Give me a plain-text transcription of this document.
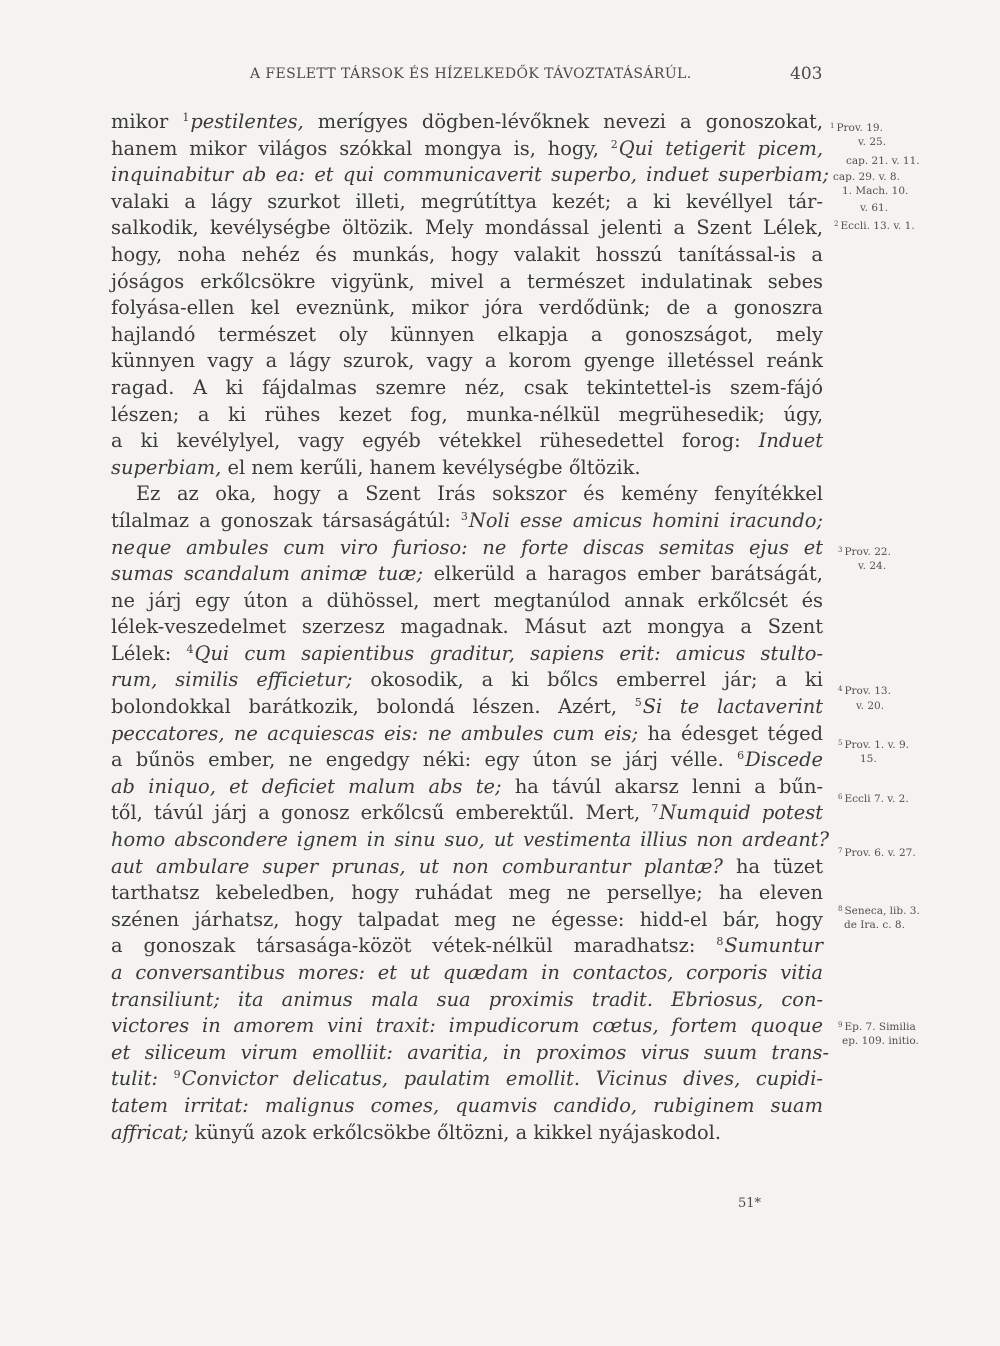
A FESLETT TÁRSOK ÉS HÍZELKEDŐK TÁVOZTATÁSÁRÚL.	403
mikor $^1$pestilentes, merígyes dögben-lévőknek nevezi a gonoszokat,
hanem mikor világos szókkal mongya is, hogy, $^2$Qui tetigerit picem,
inquinabitur ab ea: et qui communicaverit superbo, induet superbiam;
valaki a lágy szurkot illeti, megrútíttya kezét; a ki kevéllyel tár-
salkodik, kevélységbe öltözik. Mely mondással jelenti a Szent Lélek,
hogy, noha nehéz és munkás, hogy valakit hosszú tanítással-is a
jóságos erkőlcsökre vigyünk, mivel a természet indulatinak sebes
folyása-ellen kel eveznünk, mikor jóra verdődünk; de a gonoszra
hajlandó természet oly künnyen elkapja a gonoszságot, mely
künnyen vagy a lágy szurok, vagy a korom gyenge illetéssel reánk
ragad. A ki fájdalmas szemre néz, csak tekintettel-is szem-fájó
lészen; a ki rühes kezet fog, munka-nélkül megrühesedik; úgy,
a ki kevélylyel, vagy egyéb vétekkel rühesedettel forog: Induet
superbiam, el nem kerűli, hanem kevélységbe őltözik.
Ez az oka, hogy a Szent Irás sokszor és kemény fenyítékkel
tílalmaz a gonoszak társaságátúl: $^3$Noli esse amicus homini iracundo;
neque ambules cum viro furioso: ne forte discas semitas ejus et
sumas scandalum animæ tuæ; elkerüld a haragos ember barátságát,
ne járj egy úton a dühössel, mert megtanúlod annak erkőlcsét és
lélek-veszedelmet szerzesz magadnak. Másut azt mongya a Szent
Lélek: $^4$Qui cum sapientibus graditur, sapiens erit: amicus stulto-
rum, similis efficietur; okosodik, a ki bőlcs emberrel jár; a ki
bolondokkal barátkozik, bolondá lészen. Azért, $^5$Si te lactaverint
peccatores, ne acquiescas eis: ne ambules cum eis; ha édesget téged
a bűnös ember, ne engedgy néki: egy úton se járj vélle. $^6$Discede
ab iniquo, et deficiet malum abs te; ha távúl akarsz lenni a bűn-
től, távúl járj a gonosz erkőlcsű emberektűl. Mert, $^7$Numquid potest
homo abscondere ignem in sinu suo, ut vestimenta illius non ardeant?
aut ambulare super prunas, ut non comburantur plantæ? ha tüzet
tarthatsz kebeledben, hogy ruhádat meg ne persellye; ha eleven
szénen járhatsz, hogy talpadat meg ne égesse: hidd-el bár, hogy
a gonoszak társasága-közöt vétek-nélkül maradhatsz: $^8$Sumuntur
a conversantibus mores: et ut quædam in contactos, corporis vitia
transiliunt; ita animus mala sua proximis tradit. Ebriosus, con-
victores in amorem vini traxit: impudicorum cœtus, fortem quoque
et siliceum virum emolliit: avaritia, in proximos virus suum trans-
tulit: $^9$Convictor delicatus, paulatim emollit. Vicinus dives, cupidi-
tatem irritat: malignus comes, quamvis candido, rubiginem suam
affricat; künyű azok erkőlcsökbe őltözni, a kikkel nyájaskodol.
$^1$ Prov. 19.
v. 25.
cap. 21. v. 11.
cap. 29. v. 8.
1. Mach. 10.
v. 61.
$^2$ Eccli. 13. v. 1.
$^3$ Prov. 22.
v. 24.
$^4$ Prov. 13.
v. 20.
$^5$ Prov. 1. v. 9.
15.
$^6$ Eccli 7. v. 2.
$^7$ Prov. 6. v. 27.
$^8$ Seneca, lib. 3.
de Ira. c. 8.
$^9$ Ep. 7. Similia
ep. 109. initio.
51*
